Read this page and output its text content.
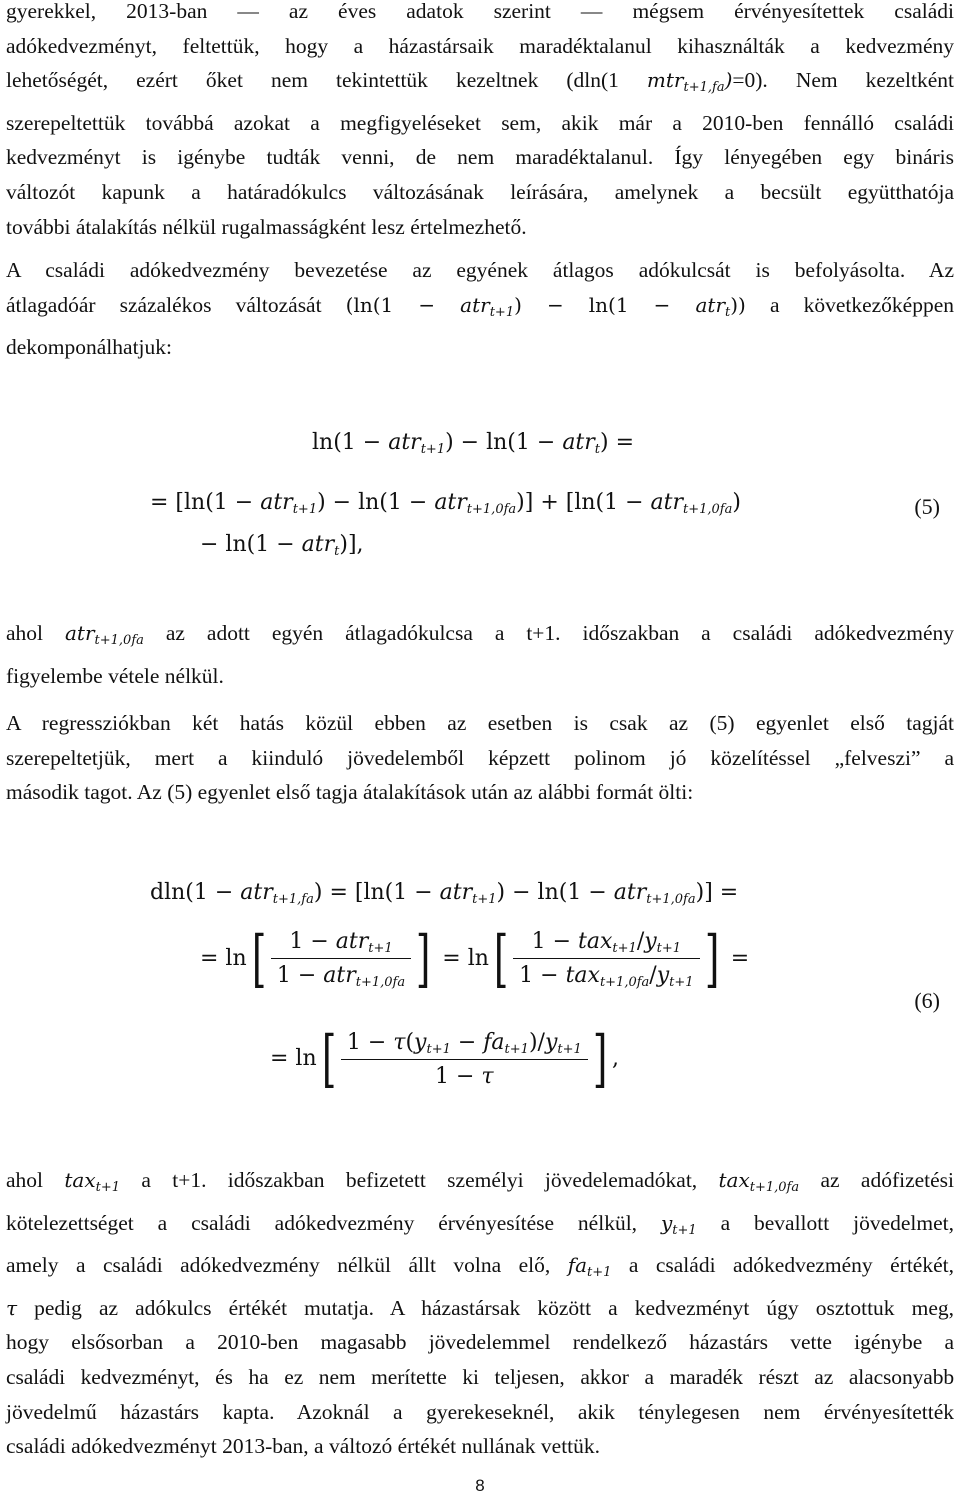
gyerekkel, 2013-ban — az éves adatok szerint — mégsem érvényesítettek családi
adókedvezményt, feltettük, hogy a házastársaik maradéktalanul kihasználták a kedvezmény
lehetőségét, ezért őket nem tekintettük kezeltnek (dln(1 mtr$_{t+1,fa}$)=0). Nem kezeltként
szerepeltettük továbbá azokat a megfigyeléseket sem, akik már a 2010-ben fennálló családi
kedvezményt is igénybe tudták venni, de nem maradéktalanul. Így lényegében egy bináris
változót kapunk a határadókulcs változásának leírására, amelynek a becsült együtthatója
további átalakítás nélkül rugalmasságként lesz értelmezhető.
A családi adókedvezmény bevezetése az egyének átlagos adókulcsát is befolyásolta. Az
átlagadóár százalékos változását (ln(1 − atr$_{t+1}$) − ln(1 − atr$_t$)) a következőképpen
dekomponálhatjuk:
ln(1 − atr$_{t+1}$) − ln(1 − atr$_t$) =
= [ln(1 − atr$_{t+1}$) − ln(1 − atr$_{t+1,0fa}$)] + [ln(1 − atr$_{t+1,0fa}$)
− ln(1 − atr$_t$)],
(5)
ahol atr$_{t+1,0fa}$ az adott egyén átlagadókulcsa a t+1. időszakban a családi adókedvezmény
figyelembe vétele nélkül.
A regressziókban két hatás közül ebben az esetben is csak az (5) egyenlet első tagját
szerepeltetjük, mert a kiinduló jövedelemből képzett polinom jó közelítéssel „felveszi” a
második tagot. Az (5) egyenlet első tagja átalakítások után az alábbi formát ölti:
dln(1 − atr$_{t+1,fa}$) = [ln(1 − atr$_{t+1}$) − ln(1 − atr$_{t+1,0fa}$)] =
= $\ln[ \frac{1 - atr_{t+1}}{1 - atr_{t+1,0fa}}$ ] = $\ln[ \frac{1 - tax_{t+1}/y_{t+1}}{1 - tax_{t+1,0fa}/y_{t+1}}$ ] =
= $\ln[ \frac{1 - \tau(y_{t+1} - fa_{t+1})/y_{t+1}}{1 - \tau}$ ] ,
(6)
ahol tax$_{t+1}$ a t+1. időszakban befizetett személyi jövedelemadókat, tax$_{t+1,0fa}$ az adófizetési
kötelezettséget a családi adókedvezmény érvényesítése nélkül, $y_{t+1}$ a bevallott jövedelmet,
amely a családi adókedvezmény nélkül állt volna elő, $fa_{t+1}$ a családi adókedvezmény értékét,
τ pedig az adókulcs értékét mutatja. A házastársak között a kedvezményt úgy osztottuk meg,
hogy elsősorban a 2010-ben magasabb jövedelemmel rendelkező házastárs vette igénybe a
családi kedvezményt, és ha ez nem merítette ki teljesen, akkor a maradék részt az alacsonyabb
jövedelmű házastárs kapta. Azoknál a gyerekeseknél, akik ténylegesen nem érvényesítették
családi adókedvezményt 2013-ban, a változó értékét nullának vettük.
8
